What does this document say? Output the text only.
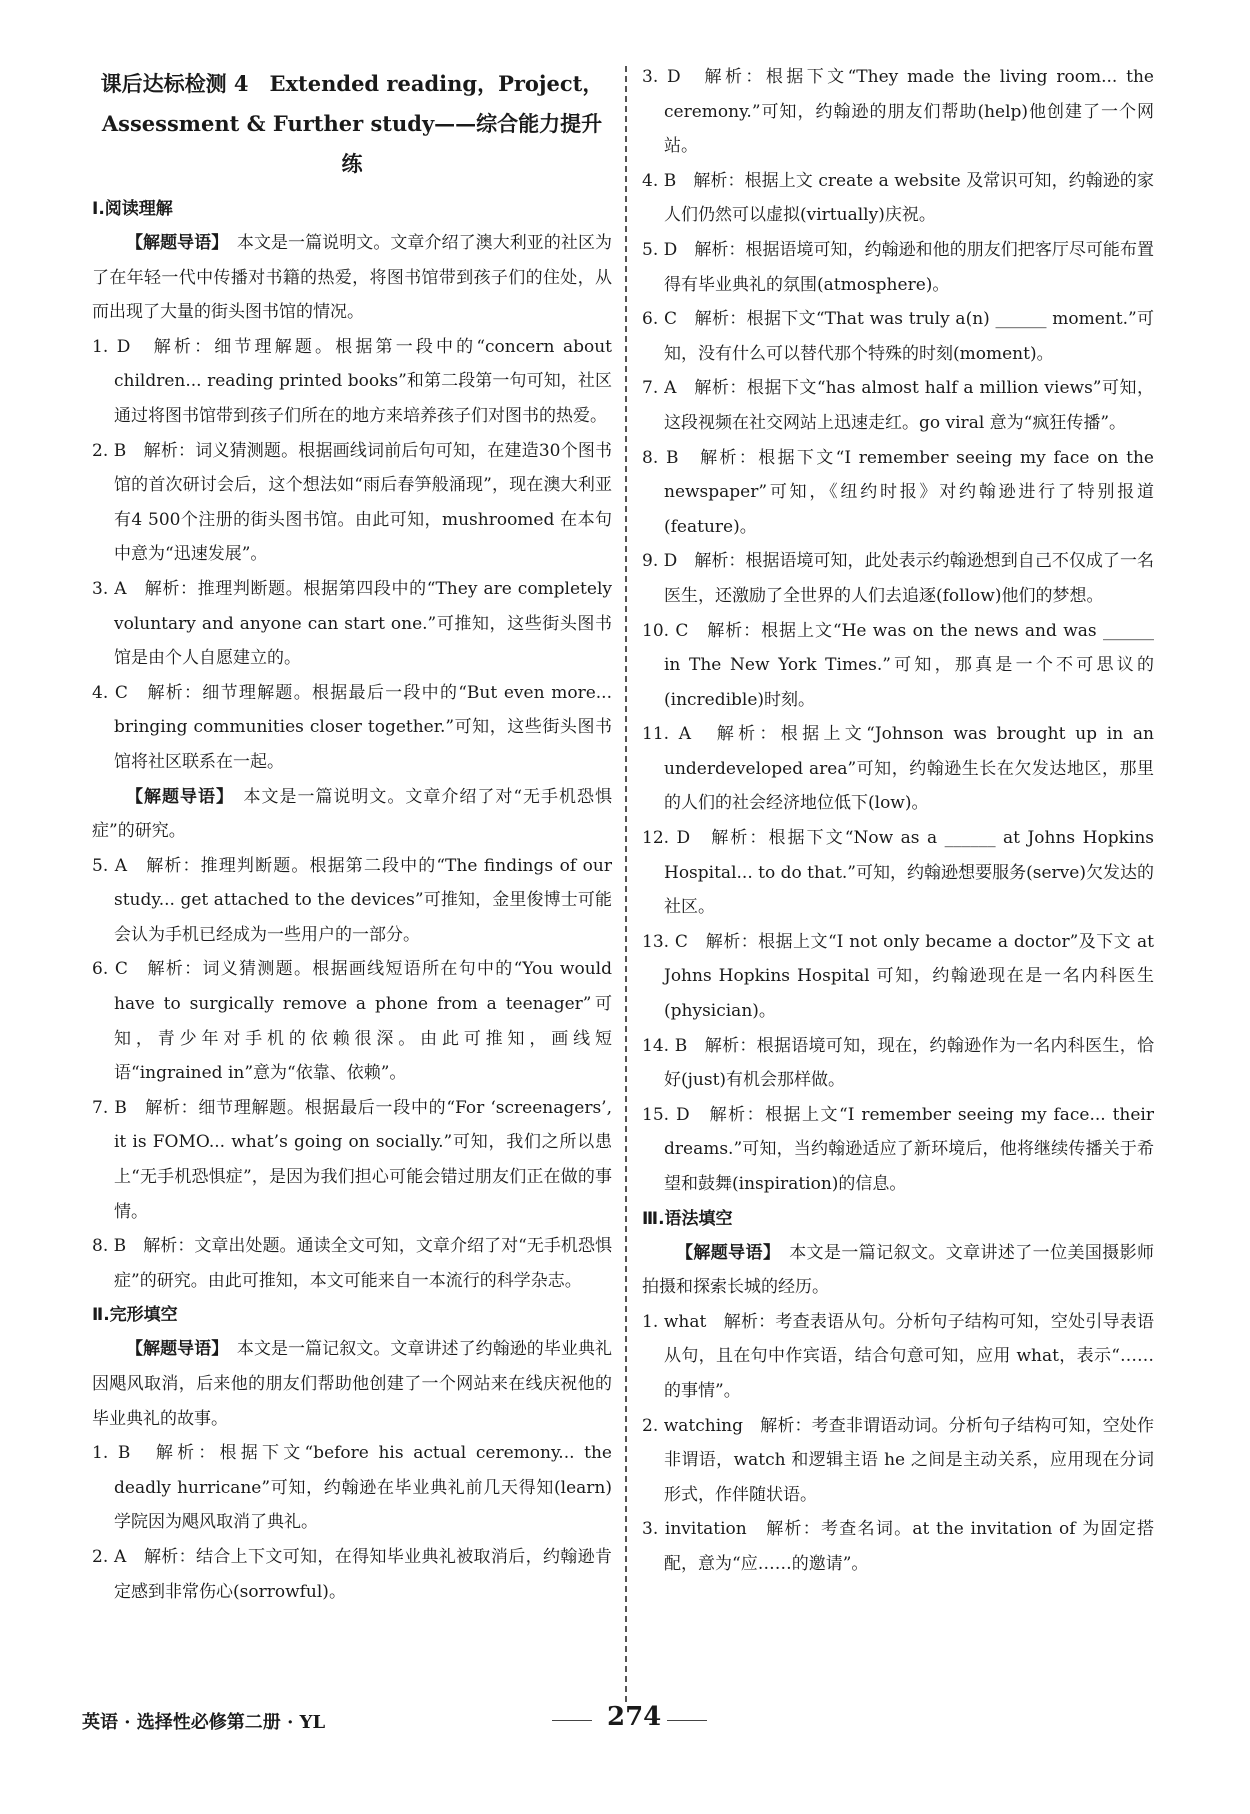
课后达标检测 4　Extended reading，Project，
Assessment & Further study——综合能力提升练
Ⅰ.阅读理解

【解题导语】　 本文是一篇说明文。文章介绍了澳大利亚的社区为了在年轻一代中传播对书籍的热爱，将图书馆带到孩子们的住处，从而出现了大量的街头图书馆的情况。

1. D　解析：细节理解题。根据第一段中的“concern about children... reading printed books”和第二段第一句可知，社区通过将图书馆带到孩子们所在的地方来培养孩子们对图书的热爱。

2. B　解析：词义猜测题。根据画线词前后句可知，在建造30个图书馆的首次研讨会后，这个想法如“雨后春笋般涌现”，现在澳大利亚有4 500个注册的街头图书馆。由此可知，mushroomed 在本句中意为“迅速发展”。

3. A　解析：推理判断题。根据第四段中的“They are completely voluntary and anyone can start one.”可推知，这些街头图书馆是由个人自愿建立的。

4. C　解析：细节理解题。根据最后一段中的“But even more... bringing communities closer together.”可知，这些街头图书馆将社区联系在一起。

【解题导语】　 本文是一篇说明文。文章介绍了对“无手机恐惧症”的研究。

5. A　解析：推理判断题。根据第二段中的“The findings of our study... get attached to the devices”可推知，金里俊博士可能会认为手机已经成为一些用户的一部分。

6. C　解析：词义猜测题。根据画线短语所在句中的“You would have to surgically remove a phone from a teenager”可知，青少年对手机的依赖很深。由此可推知，画线短语“ingrained in”意为“依靠、依赖”。

7. B　解析：细节理解题。根据最后一段中的“For ‘screenagers’, it is FOMO... what’s going on socially.”可知，我们之所以患上“无手机恐惧症”，是因为我们担心可能会错过朋友们正在做的事情。

8. B　解析：文章出处题。通读全文可知，文章介绍了对“无手机恐惧症”的研究。由此可推知，本文可能来自一本流行的科学杂志。

Ⅱ.完形填空

【解题导语】　 本文是一篇记叙文。文章讲述了约翰逊的毕业典礼因飓风取消，后来他的朋友们帮助他创建了一个网站来在线庆祝他的毕业典礼的故事。

1. B　解析：根据下文“before his actual ceremony... the deadly hurricane”可知，约翰逊在毕业典礼前几天得知(learn)学院因为飓风取消了典礼。

2. A　解析：结合上下文可知，在得知毕业典礼被取消后，约翰逊肯定感到非常伤心(sorrowful)。

3. D　解析：根据下文“They made the living room... the ceremony.”可知，约翰逊的朋友们帮助(help)他创建了一个网站。

4. B　解析：根据上文 create a website 及常识可知，约翰逊的家人们仍然可以虚拟(virtually)庆祝。

5. D　解析：根据语境可知，约翰逊和他的朋友们把客厅尽可能布置得有毕业典礼的氛围(atmosphere)。

6. C　解析：根据下文“That was truly a(n) ______ moment.”可知，没有什么可以替代那个特殊的时刻(moment)。

7. A　解析：根据下文“has almost half a million views”可知，这段视频在社交网站上迅速走红。go viral 意为“疯狂传播”。

8. B　解析：根据下文“I remember seeing my face on the newspaper”可知，《纽约时报》对约翰逊进行了特别报道(feature)。

9. D　解析：根据语境可知，此处表示约翰逊想到自己不仅成了一名医生，还激励了全世界的人们去追逐(follow)他们的梦想。

10. C　解析：根据上文“He was on the news and was ______ in The New York Times.”可知，那真是一个不可思议的(incredible)时刻。

11. A　解析：根据上文“Johnson was brought up in an underdeveloped area”可知，约翰逊生长在欠发达地区，那里的人们的社会经济地位低下(low)。

12. D　解析：根据下文“Now as a ______ at Johns Hopkins Hospital... to do that.”可知，约翰逊想要服务(serve)欠发达的社区。

13. C　解析：根据上文“I not only became a doctor”及下文 at Johns Hopkins Hospital 可知，约翰逊现在是一名内科医生(physician)。

14. B　解析：根据语境可知，现在，约翰逊作为一名内科医生，恰好(just)有机会那样做。

15. D　解析：根据上文“I remember seeing my face... their dreams.”可知，当约翰逊适应了新环境后，他将继续传播关于希望和鼓舞(inspiration)的信息。

Ⅲ.语法填空

【解题导语】　 本文是一篇记叙文。文章讲述了一位美国摄影师拍摄和探索长城的经历。

1. what　解析：考查表语从句。分析句子结构可知，空处引导表语从句，且在句中作宾语，结合句意可知，应用 what，表示“……的事情”。

2. watching　解析：考查非谓语动词。分析句子结构可知，空处作非谓语，watch 和逻辑主语 he 之间是主动关系，应用现在分词形式，作伴随状语。

3. invitation　解析：考查名词。at the invitation of 为固定搭配，意为“应……的邀请”。

英语 · 选择性必修第二册 · YL	274
